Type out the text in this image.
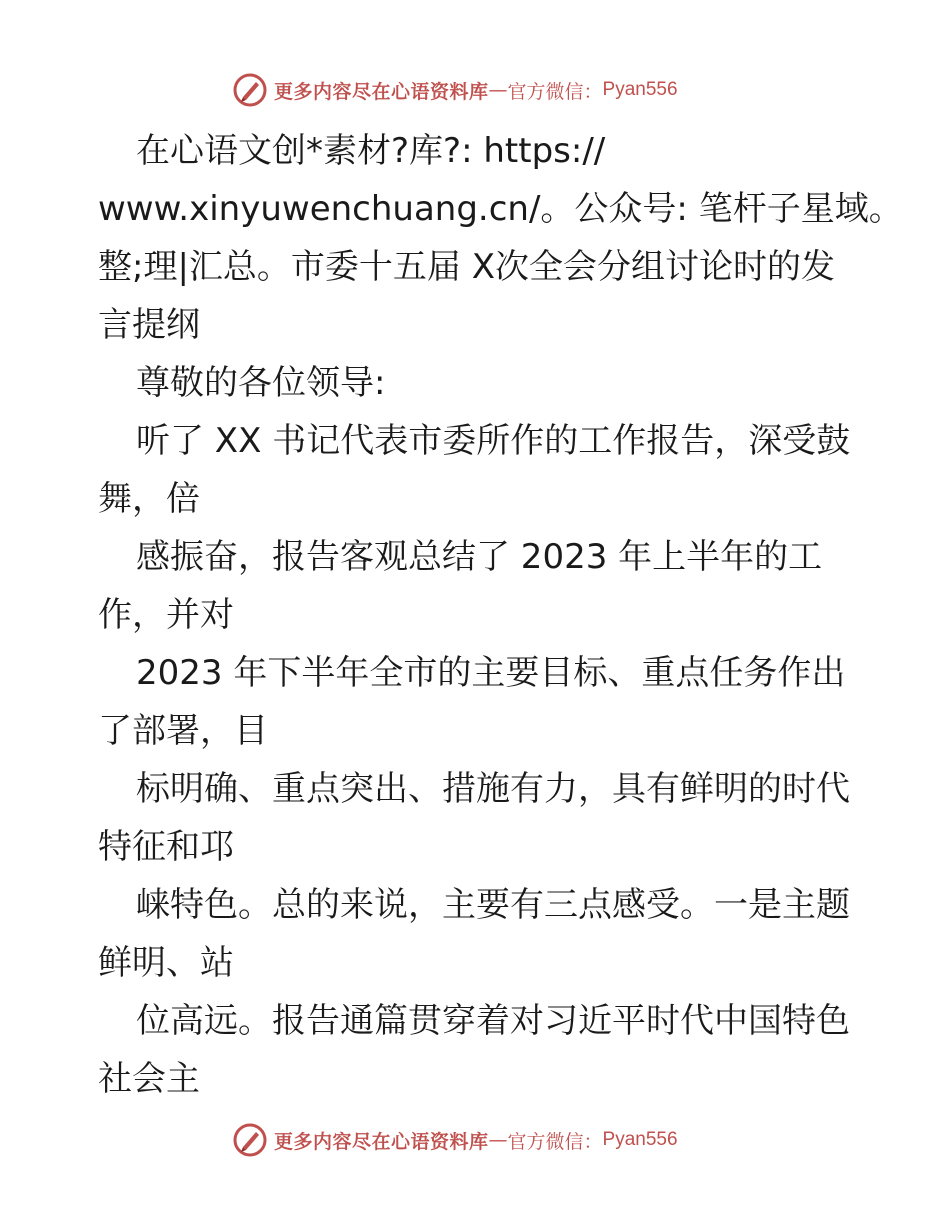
更多内容尽在心语资料库 — 官方微信： Pyan556
在心语文创*素材?库?: https://
www.xinyuwenchuang.cn/。公众号: 笔杆子星域。
整;理|汇总。市委十五届 X次全会分组讨论时的发
言提纲
尊敬的各位领导:
听了 XX 书记代表市委所作的工作报告，深受鼓
舞，倍
感振奋，报告客观总结了 2023 年上半年的工
作，并对
2023 年下半年全市的主要目标、重点任务作出
了部署，目
标明确、重点突出、措施有力，具有鲜明的时代
特征和邛
崃特色。总的来说，主要有三点感受。一是主题
鲜明、站
位高远。报告通篇贯穿着对习近平时代中国特色
社会主
更多内容尽在心语资料库 — 官方微信： Pyan556
